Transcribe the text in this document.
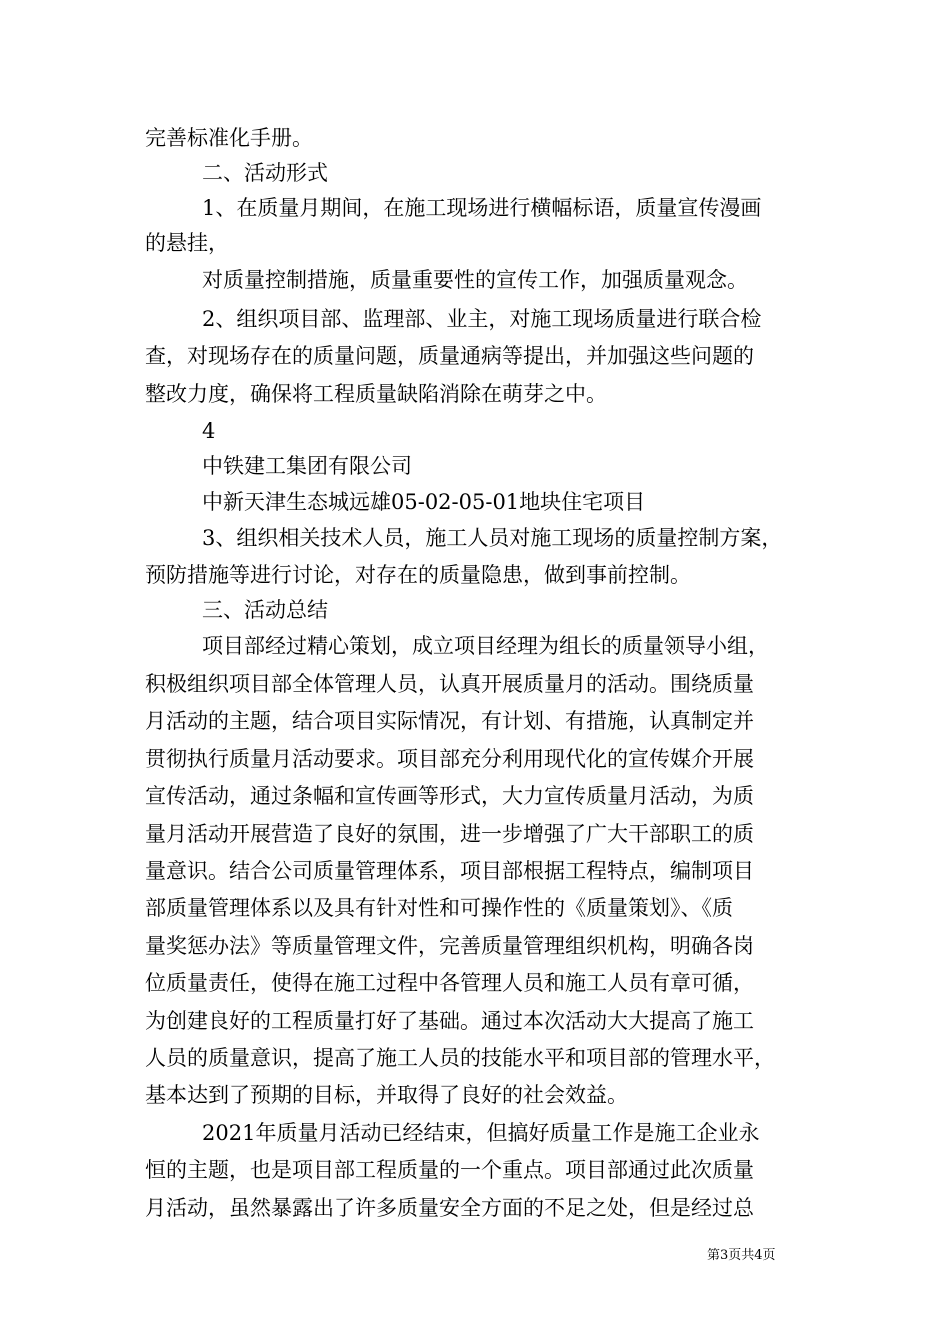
完善标准化手册。
二、活动形式
1、在质量月期间，在施工现场进行横幅标语，质量宣传漫画
的悬挂，
对质量控制措施，质量重要性的宣传工作，加强质量观念。
2、组织项目部、监理部、业主，对施工现场质量进行联合检
查，对现场存在的质量问题，质量通病等提出，并加强这些问题的
整改力度，确保将工程质量缺陷消除在萌芽之中。
4
中铁建工集团有限公司
中新天津生态城远雄05-02-05-01地块住宅项目
3、组织相关技术人员，施工人员对施工现场的质量控制方案，
预防措施等进行讨论，对存在的质量隐患，做到事前控制。
三、活动总结
项目部经过精心策划，成立项目经理为组长的质量领导小组，
积极组织项目部全体管理人员，认真开展质量月的活动。围绕质量
月活动的主题，结合项目实际情况，有计划、有措施，认真制定并
贯彻执行质量月活动要求。项目部充分利用现代化的宣传媒介开展
宣传活动，通过条幅和宣传画等形式，大力宣传质量月活动，为质
量月活动开展营造了良好的氛围，进一步增强了广大干部职工的质
量意识。结合公司质量管理体系，项目部根据工程特点，编制项目
部质量管理体系以及具有针对性和可操作性的《质量策划》、《质
量奖惩办法》等质量管理文件，完善质量管理组织机构，明确各岗
位质量责任，使得在施工过程中各管理人员和施工人员有章可循，
为创建良好的工程质量打好了基础。通过本次活动大大提高了施工
人员的质量意识，提高了施工人员的技能水平和项目部的管理水平，
基本达到了预期的目标，并取得了良好的社会效益。
2021年质量月活动已经结束，但搞好质量工作是施工企业永
恒的主题，也是项目部工程质量的一个重点。项目部通过此次质量
月活动，虽然暴露出了许多质量安全方面的不足之处，但是经过总
第3页共4页
